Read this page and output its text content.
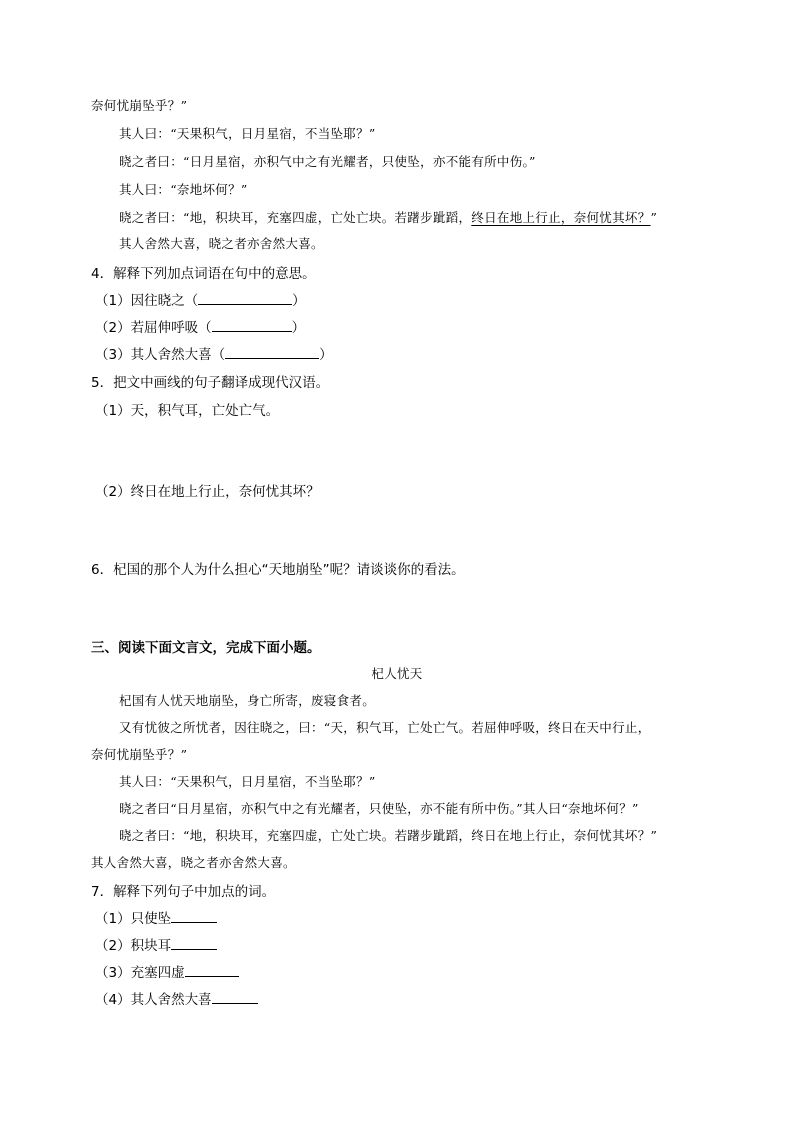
奈何忧崩坠乎？”
其人曰：“天果积气，日月星宿，不当坠耶？”
晓之者曰：“日月星宿，亦积气中之有光耀者，只使坠，亦不能有所中伤。”
其人曰：“奈地坏何？”
晓之者曰：“地，积块耳，充塞四虚，亡处亡块。若躇步跐蹈，终日在地上行止，奈何忧其坏？”
其人舍然大喜，晓之者亦舍然大喜。
4．解释下列加点词语在句中的意思。
（1）因往晓之（	）
（2）若屈伸呼吸（	）
（3）其人舍然大喜（	）
5．把文中画线的句子翻译成现代汉语。
（1）天，积气耳，亡处亡气。
（2）终日在地上行止，奈何忧其坏？
6．杞国的那个人为什么担心“天地崩坠”呢？请谈谈你的看法。
三、阅读下面文言文，完成下面小题。
杞人忧天
杞国有人忧天地崩坠，身亡所寄，废寝食者。
又有忧彼之所忧者，因往晓之，曰：“天，积气耳，亡处亡气。若屈伸呼吸，终日在天中行止，
奈何忧崩坠乎？”
其人曰：“天果积气，日月星宿，不当坠耶？”
晓之者曰“日月星宿，亦积气中之有光耀者，只使坠，亦不能有所中伤。”其人曰“奈地坏何？”
晓之者曰：“地，积块耳，充塞四虚，亡处亡块。若躇步跐蹈，终日在地上行止，奈何忧其坏？”
其人舍然大喜，晓之者亦舍然大喜。
7．解释下列句子中加点的词。
（1）只使坠
（2）积块耳
（3）充塞四虚
（4）其人舍然大喜
